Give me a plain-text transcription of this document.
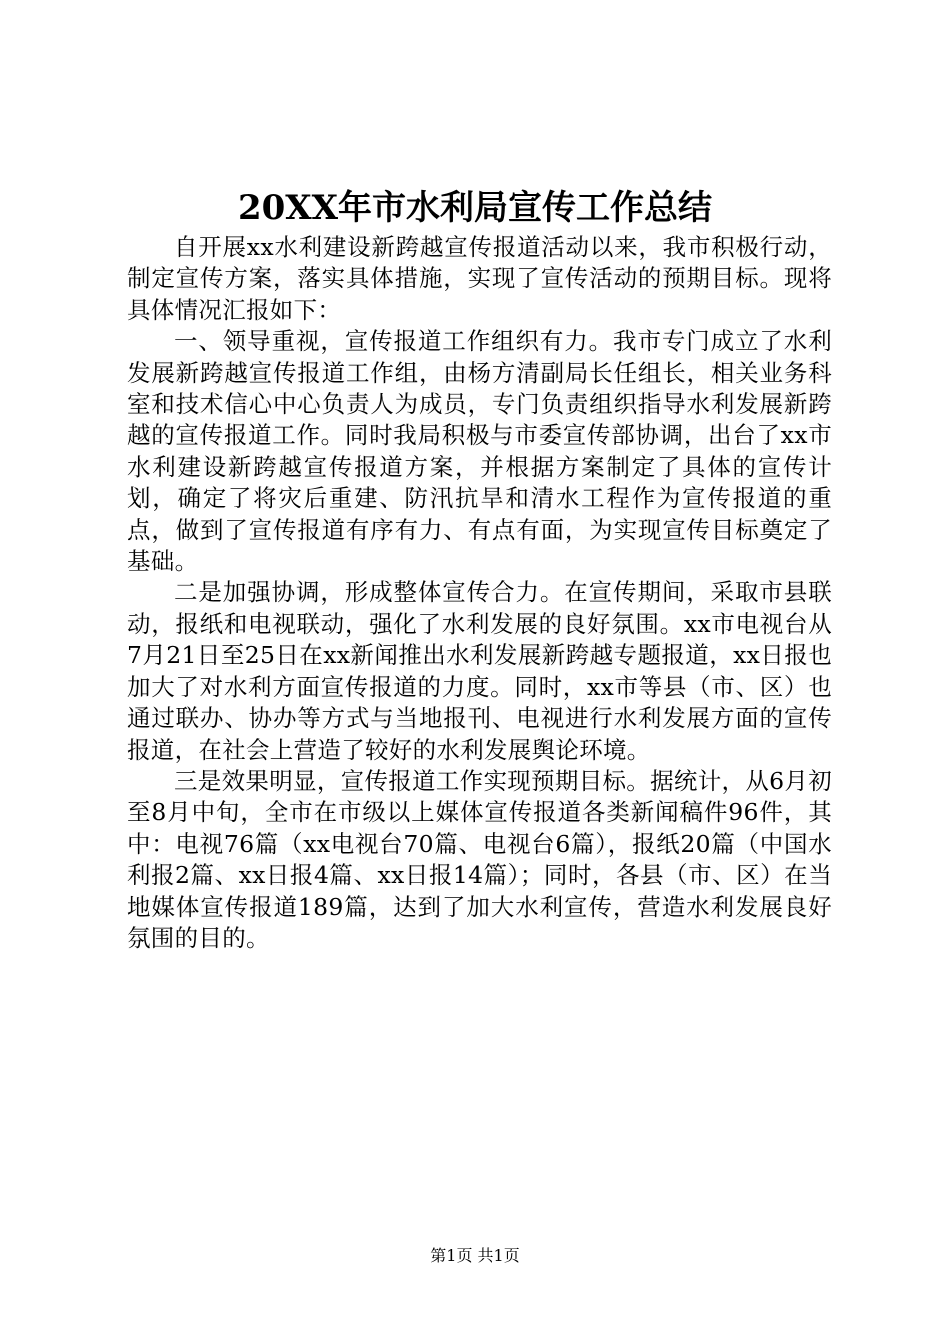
20XX年市水利局宣传工作总结

自开展xx水利建设新跨越宣传报道活动以来，我市积极行动，制定宣传方案，落实具体措施，实现了宣传活动的预期目标。现将具体情况汇报如下：

一、领导重视，宣传报道工作组织有力。我市专门成立了水利发展新跨越宣传报道工作组，由杨方清副局长任组长，相关业务科室和技术信心中心负责人为成员，专门负责组织指导水利发展新跨越的宣传报道工作。同时我局积极与市委宣传部协调，出台了xx市水利建设新跨越宣传报道方案，并根据方案制定了具体的宣传计划，确定了将灾后重建、防汛抗旱和清水工程作为宣传报道的重点，做到了宣传报道有序有力、有点有面，为实现宣传目标奠定了基础。

二是加强协调，形成整体宣传合力。在宣传期间，采取市县联动，报纸和电视联动，强化了水利发展的良好氛围。xx市电视台从7月21日至25日在xx新闻推出水利发展新跨越专题报道，xx日报也加大了对水利方面宣传报道的力度。同时，xx市等县（市、区）也通过联办、协办等方式与当地报刊、电视进行水利发展方面的宣传报道，在社会上营造了较好的水利发展舆论环境。

三是效果明显，宣传报道工作实现预期目标。据统计，从6月初至8月中旬，全市在市级以上媒体宣传报道各类新闻稿件96件，其中：电视76篇（xx电视台70篇、电视台6篇），报纸20篇（中国水利报2篇、xx日报4篇、xx日报14篇）；同时，各县（市、区）在当地媒体宣传报道189篇，达到了加大水利宣传，营造水利发展良好氛围的目的。

第1页 共1页
